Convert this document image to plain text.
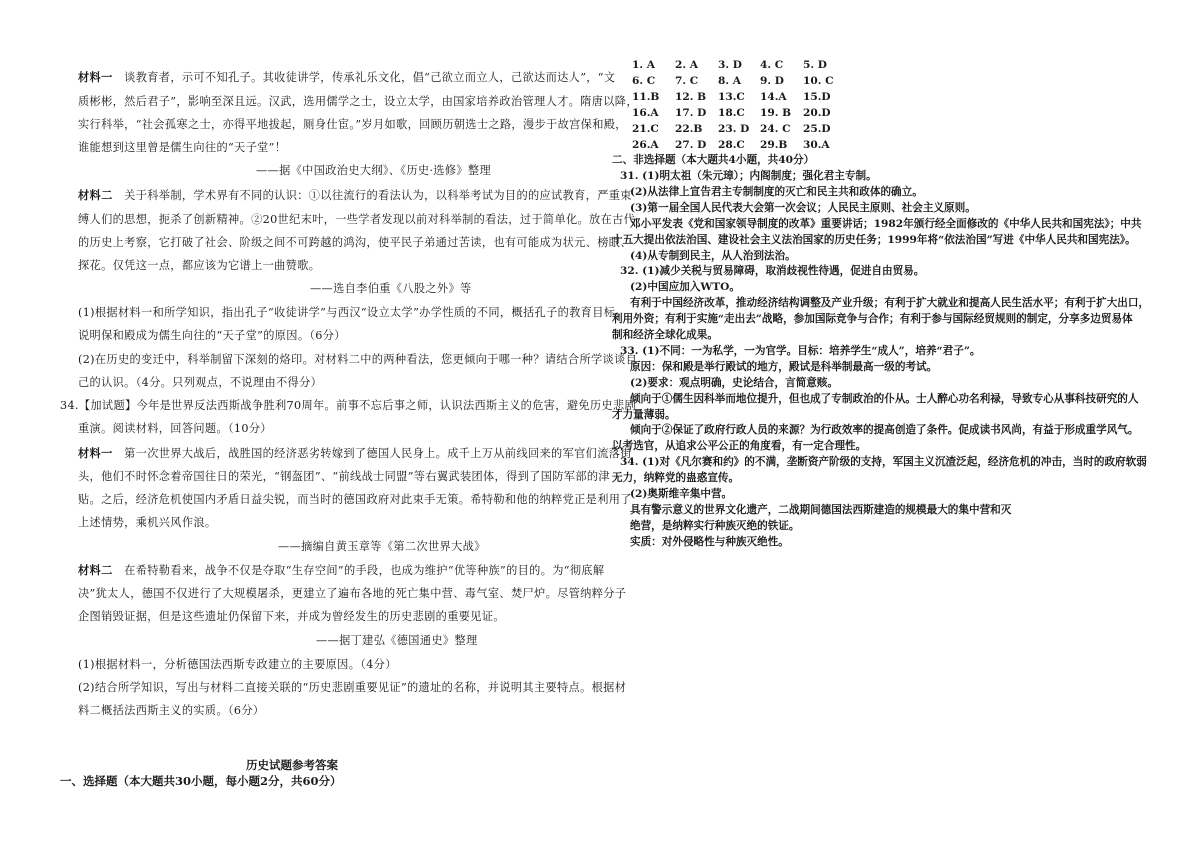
材料一　谈教育者，示可不知孔子。其收徒讲学，传承礼乐文化，倡“己欲立而立人，己欲达而达人”，“文
质彬彬，然后君子”，影响至深且远。汉武，选用儒学之士，设立太学，由国家培养政治管理人才。隋唐以降，
实行科举，“社会孤寒之士，亦得平地拔起，厕身仕宦。”岁月如歌，回顾历朝选士之路，漫步于故宫保和殿，
谁能想到这里曾是儒生向往的“天子堂”！
——据《中国政治史大纲》、《历史·选修》整理
材料二　关于科举制，学术界有不同的认识：①以往流行的看法认为，以科举考试为目的的应试教育，严重束
缚人们的思想，扼杀了创新精神。②20世纪末叶，一些学者发现以前对科举制的看法，过于简单化。放在古代
的历史上考察，它打破了社会、阶级之间不可跨越的鸿沟，使平民子弟通过苦读，也有可能成为状元、榜眼、
探花。仅凭这一点，都应该为它谱上一曲赞歌。
——选自李伯重《八股之外》等
(1)根据材料一和所学知识，指出孔子“收徒讲学”与西汉“设立太学”办学性质的不同，概括孔子的教育目标。
说明保和殿成为儒生向往的“天子堂”的原因。（6分）
(2)在历史的变迁中，科举制留下深刻的烙印。对材料二中的两种看法，您更倾向于哪一种？请结合所学谈谈自
己的认识。（4分。只列观点，不说理由不得分）
34.【加试题】今年是世界反法西斯战争胜利70周年。前事不忘后事之师，认识法西斯主义的危害，避免历史悲剧
重演。阅读材料，回答问题。（10分）
材料一　第一次世界大战后，战胜国的经济恶劣转嫁到了德国人民身上。成千上万从前线回来的军官们流落街
头，他们不时怀念着帝国往日的荣光，“钢盔团”、“前线战士同盟”等右翼武装团体，得到了国防军部的津
贴。之后，经济危机使国内矛盾日益尖锐，而当时的德国政府对此束手无策。希特勒和他的纳粹党正是利用了
上述情势，乘机兴风作浪。
——摘编自黄玉章等《第二次世界大战》
材料二　在希特勒看来，战争不仅是夺取“生存空间”的手段，也成为维护“优等种族”的目的。为“彻底解
决”犹太人，德国不仅进行了大规模屠杀，更建立了遍布各地的死亡集中营、毒气室、焚尸炉。尽管纳粹分子
企图销毁证据，但是这些遗址仍保留下来，并成为曾经发生的历史悲剧的重要见证。
——据丁建弘《德国通史》整理
(1)根据材料一，分析德国法西斯专政建立的主要原因。（4分）
(2)结合所学知识，写出与材料二直接关联的“历史悲剧重要见证”的遗址的名称，并说明其主要特点。根据材
料二概括法西斯主义的实质。（6分）
历史试题参考答案
一、选择题（本大题共30小题，每小题2分，共60分）
1. A 2. A 3. D 4. C 5. D
6. C 7. C 8. A 9. D 10. C
11.B 12. B 13.C 14.A 15.D
16.A 17. D 18.C 19. B 20.D
21.C 22.B 23. D 24. C 25.D
26.A 27. D 28.C 29.B 30.A
二、非选择题（本大题共4小题，共40分）
31. (1)明太祖（朱元璋）；内阁制度；强化君主专制。
(2)从法律上宣告君主专制制度的灭亡和民主共和政体的确立。
(3)第一届全国人民代表大会第一次会议；人民民主原则、社会主义原则。
邓小平发表《党和国家领导制度的改革》重要讲话；1982年颁行经全面修改的《中华人民共和国宪法》；中共
十五大提出依法治国、建设社会主义法治国家的历史任务；1999年将“依法治国”写进《中华人民共和国宪法》。
(4)从专制到民主，从人治到法治。
32. (1)减少关税与贸易障碍，取消歧视性待遇，促进自由贸易。
(2)中国应加入WTO。
有利于中国经济改革，推动经济结构调整及产业升级；有利于扩大就业和提高人民生活水平；有利于扩大出口，
利用外资；有利于实施“走出去”战略，参加国际竞争与合作；有利于参与国际经贸规则的制定，分享多边贸易体
制和经济全球化成果。
33. (1)不同：一为私学，一为官学。目标：培养学生“成人”，培养“君子”。
原因：保和殿是举行殿试的地方，殿试是科举制最高一级的考试。
(2)要求：观点明确，史论结合，言简意赅。
倾向于①儒生因科举而地位提升，但也成了专制政治的仆从。士人醉心功名利禄，导致专心从事科技研究的人
才力量薄弱。
倾向于②保证了政府行政人员的来源？为行政效率的提高创造了条件。促成读书风尚，有益于形成重学风气。
以考选官，从追求公平公正的角度看，有一定合理性。
34. (1)对《凡尔赛和约》的不满，垄断资产阶级的支持，军国主义沉渣泛起，经济危机的冲击，当时的政府软弱
无力，纳粹党的蛊惑宣传。
(2)奥斯维辛集中营。
具有警示意义的世界文化遗产，二战期间德国法西斯建造的规模最大的集中营和灭
绝营，是纳粹实行种族灭绝的铁证。
实质：对外侵略性与种族灭绝性。
